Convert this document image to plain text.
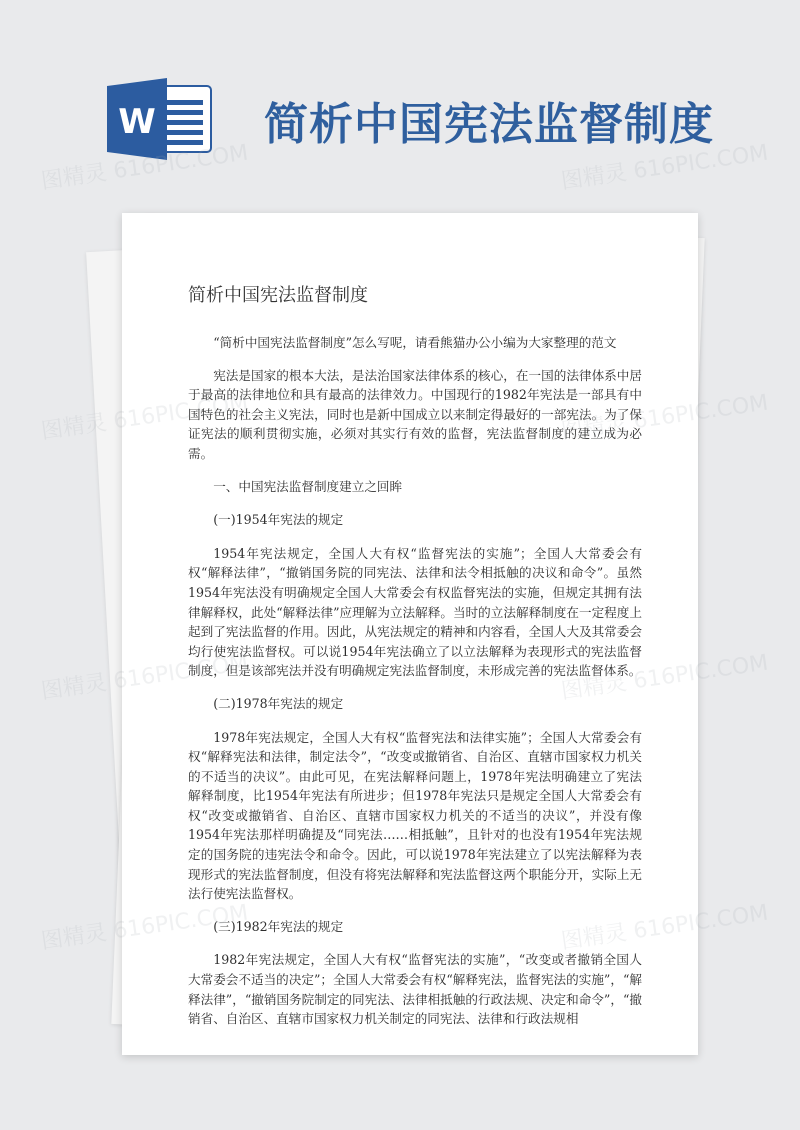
W 简析中国宪法监督制度
简析中国宪法监督制度

“简析中国宪法监督制度”怎么写呢，请看熊猫办公小编为大家整理的范文

宪法是国家的根本大法，是法治国家法律体系的核心，在一国的法律体系中居于最高的法律地位和具有最高的法律效力。中国现行的1982年宪法是一部具有中国特色的社会主义宪法，同时也是新中国成立以来制定得最好的一部宪法。为了保证宪法的顺利贯彻实施，必须对其实行有效的监督，宪法监督制度的建立成为必需。

一、中国宪法监督制度建立之回眸

(一)1954年宪法的规定

1954年宪法规定，全国人大有权“监督宪法的实施”；全国人大常委会有权“解释法律”，“撤销国务院的同宪法、法律和法令相抵触的决议和命令”。虽然1954年宪法没有明确规定全国人大常委会有权监督宪法的实施，但规定其拥有法律解释权，此处“解释法律”应理解为立法解释。当时的立法解释制度在一定程度上起到了宪法监督的作用。因此，从宪法规定的精神和内容看，全国人大及其常委会均行使宪法监督权。可以说1954年宪法确立了以立法解释为表现形式的宪法监督制度，但是该部宪法并没有明确规定宪法监督制度，未形成完善的宪法监督体系。

(二)1978年宪法的规定

1978年宪法规定，全国人大有权“监督宪法和法律实施”；全国人大常委会有权“解释宪法和法律，制定法令”，“改变或撤销省、自治区、直辖市国家权力机关的不适当的决议”。由此可见，在宪法解释问题上，1978年宪法明确建立了宪法解释制度，比1954年宪法有所进步；但1978年宪法只是规定全国人大常委会有权“改变或撤销省、自治区、直辖市国家权力机关的不适当的决议”，并没有像1954年宪法那样明确提及“同宪法……相抵触”，且针对的也没有1954年宪法规定的国务院的违宪法令和命令。因此，可以说1978年宪法建立了以宪法解释为表现形式的宪法监督制度，但没有将宪法解释和宪法监督这两个职能分开，实际上无法行使宪法监督权。

(三)1982年宪法的规定

1982年宪法规定，全国人大有权“监督宪法的实施”，“改变或者撤销全国人大常委会不适当的决定”；全国人大常委会有权“解释宪法，监督宪法的实施”，“解释法律”，“撤销国务院制定的同宪法、法律相抵触的行政法规、决定和命令”，“撤销省、自治区、直辖市国家权力机关制定的同宪法、法律和行政法规相

图精灵 616PIC.COM	图精灵 616PIC.COM
图精灵	616PIC.COM
图精灵	616PIC.COM
图精灵	616PIC.COM
